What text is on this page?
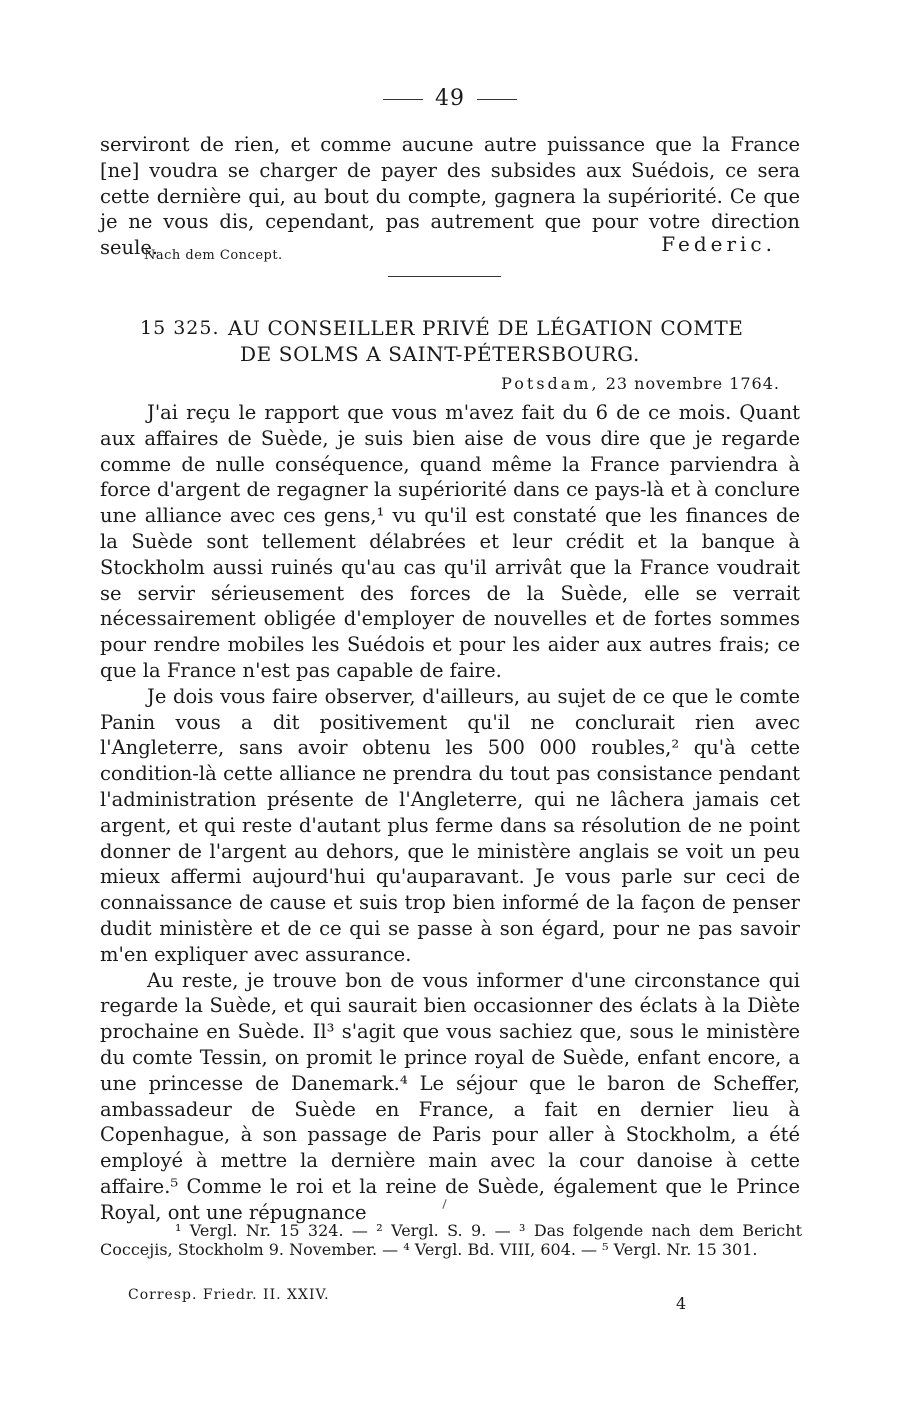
49

serviront de rien, et comme aucune autre puissance que la France [ne] voudra se charger de payer des subsides aux Suédois, ce sera cette dernière qui, au bout du compte, gagnera la supériorité. Ce que je ne vous dis, cependant, pas autrement que pour votre direction seule.

Nach dem Concept.	Federic.
15 325. AU CONSEILLER PRIVÉ DE LÉGATION COMTE
DE SOLMS A SAINT-PÉTERSBOURG.
Potsdam, 23 novembre 1764.

J'ai reçu le rapport que vous m'avez fait du 6 de ce mois. Quant aux affaires de Suède, je suis bien aise de vous dire que je regarde comme de nulle conséquence, quand même la France parviendra à force d'argent de regagner la supériorité dans ce pays-là et à conclure une alliance avec ces gens,¹ vu qu'il est constaté que les finances de la Suède sont tellement délabrées et leur crédit et la banque à Stockholm aussi ruinés qu'au cas qu'il arrivât que la France voudrait se servir sérieusement des forces de la Suède, elle se verrait nécessairement obligée d'employer de nouvelles et de fortes sommes pour rendre mobiles les Suédois et pour les aider aux autres frais; ce que la France n'est pas capable de faire.

Je dois vous faire observer, d'ailleurs, au sujet de ce que le comte Panin vous a dit positivement qu'il ne conclurait rien avec l'Angleterre, sans avoir obtenu les 500 000 roubles,² qu'à cette condition-là cette alliance ne prendra du tout pas consistance pendant l'administration présente de l'Angleterre, qui ne lâchera jamais cet argent, et qui reste d'autant plus ferme dans sa résolution de ne point donner de l'argent au dehors, que le ministère anglais se voit un peu mieux affermi aujourd'hui qu'auparavant. Je vous parle sur ceci de connaissance de cause et suis trop bien informé de la façon de penser dudit ministère et de ce qui se passe à son égard, pour ne pas savoir m'en expliquer avec assurance.

Au reste, je trouve bon de vous informer d'une circonstance qui regarde la Suède, et qui saurait bien occasionner des éclats à la Diète prochaine en Suède. Il³ s'agit que vous sachiez que, sous le ministère du comte Tessin, on promit le prince royal de Suède, enfant encore, a une princesse de Danemark.⁴ Le séjour que le baron de Scheffer, ambassadeur de Suède en France, a fait en dernier lieu à Copenhague, à son passage de Paris pour aller à Stockholm, a été employé à mettre la dernière main avec la cour danoise à cette affaire.⁵ Comme le roi et la reine de Suède, également que le Prince Royal, ont une répugnance

¹ Vergl. Nr. 15 324. — ² Vergl. S. 9. — ³ Das folgende nach dem Bericht Coccejis, Stockholm 9. November. — ⁴ Vergl. Bd. VIII, 604. — ⁵ Vergl. Nr. 15 301.

Corresp. Friedr. II. XXIV.	4
